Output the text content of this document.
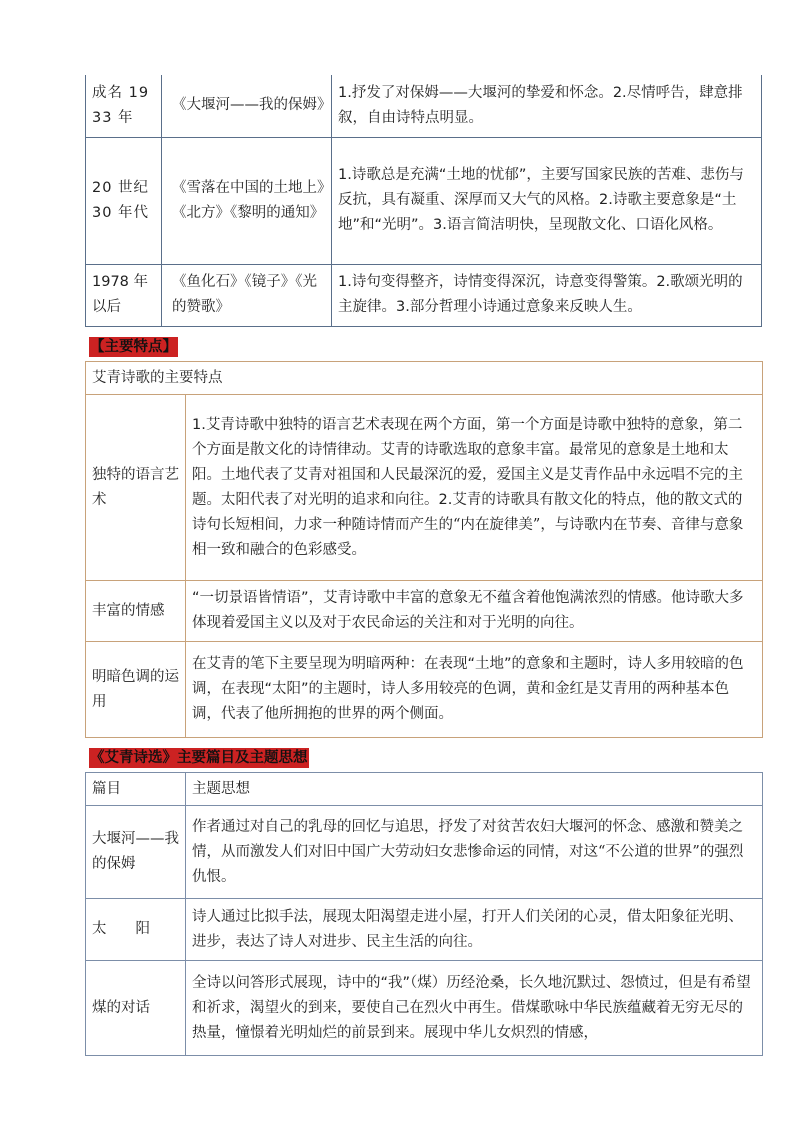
成名 1933 年	《大堰河——我的保姆》	1.抒发了对保姆——大堰河的挚爱和怀念。2.尽情呼告，肆意排叙，自由诗特点明显。
20 世纪 30 年代	《雪落在中国的土地上》《北方》《黎明的通知》	1.诗歌总是充满“土地的忧郁”，主要写国家民族的苦难、悲伤与反抗，具有凝重、深厚而又大气的风格。2.诗歌主要意象是“土地”和“光明”。3.语言简洁明快，呈现散文化、口语化风格。
1978 年以后	《鱼化石》《镜子》《光的赞歌》	1.诗句变得整齐，诗情变得深沉，诗意变得警策。2.歌颂光明的主旋律。3.部分哲理小诗通过意象来反映人生。
【主要特点】
艾青诗歌的主要特点	
独特的语言艺术	1.艾青诗歌中独特的语言艺术表现在两个方面，第一个方面是诗歌中独特的意象，第二个方面是散文化的诗情律动。艾青的诗歌选取的意象丰富。最常见的意象是土地和太阳。土地代表了艾青对祖国和人民最深沉的爱，爱国主义是艾青作品中永远唱不完的主题。太阳代表了对光明的追求和向往。2.艾青的诗歌具有散文化的特点，他的散文式的诗句长短相间，力求一种随诗情而产生的“内在旋律美”，与诗歌内在节奏、音律与意象相一致和融合的色彩感受。
丰富的情感	“一切景语皆情语”，艾青诗歌中丰富的意象无不蕴含着他饱满浓烈的情感。他诗歌大多体现着爱国主义以及对于农民命运的关注和对于光明的向往。
明暗色调的运用	在艾青的笔下主要呈现为明暗两种：在表现“土地”的意象和主题时，诗人多用较暗的色调，在表现“太阳”的主题时，诗人多用较亮的色调，黄和金红是艾青用的两种基本色调，代表了他所拥抱的世界的两个侧面。
《艾青诗选》主要篇目及主题思想
篇目	主题思想
大堰河——我的保姆	作者通过对自己的乳母的回忆与追思，抒发了对贫苦农妇大堰河的怀念、感激和赞美之情，从而激发人们对旧中国广大劳动妇女悲惨命运的同情，对这“不公道的世界”的强烈仇恨。
太　　阳	诗人通过比拟手法，展现太阳渴望走进小屋，打开人们关闭的心灵，借太阳象征光明、进步，表达了诗人对进步、民主生活的向往。
煤的对话	全诗以问答形式展现，诗中的“我”（煤）历经沧桑，长久地沉默过、怨愤过，但是有希望和祈求，渴望火的到来，要使自己在烈火中再生。借煤歌咏中华民族蕴藏着无穷无尽的热量，憧憬着光明灿烂的前景到来。展现中华儿女炽烈的情感，
